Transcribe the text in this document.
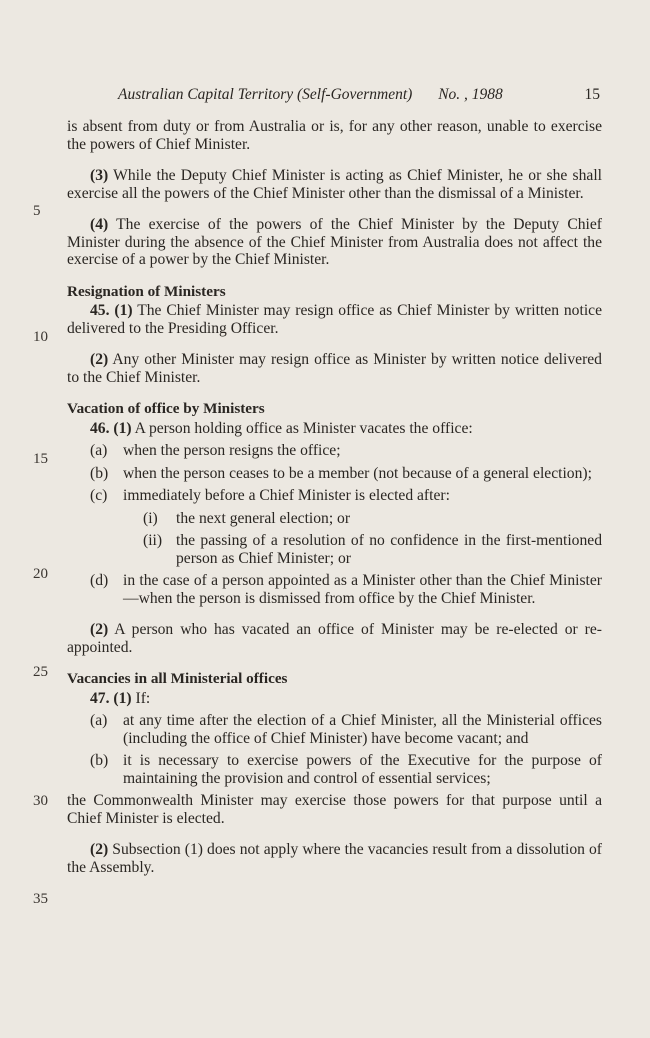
Australian Capital Territory (Self-Government) No. , 1988	15
5
10
15
20
25
30
35

is absent from duty or from Australia or is, for any other reason, unable to exercise the powers of Chief Minister.

(3) While the Deputy Chief Minister is acting as Chief Minister, he or she shall exercise all the powers of the Chief Minister other than the dismissal of a Minister.

(4) The exercise of the powers of the Chief Minister by the Deputy Chief Minister during the absence of the Chief Minister from Australia does not affect the exercise of a power by the Chief Minister.

Resignation of Ministers

45. (1) The Chief Minister may resign office as Chief Minister by written notice delivered to the Presiding Officer.

(2) Any other Minister may resign office as Minister by written notice delivered to the Chief Minister.

Vacation of office by Ministers

46. (1) A person holding office as Minister vacates the office:

(a)	when the person resigns the office;
(b) when the person ceases to be a member (not because of a general election);
(c)	immediately before a Chief Minister is elected after:
(i)	the next general election; or
(ii) the passing of a resolution of no confidence in the first-mentioned person as Chief Minister; or
(d) in the case of a person appointed as a Minister other than the Chief Minister—when the person is dismissed from office by the Chief Minister.

(2) A person who has vacated an office of Minister may be re-elected or re-appointed.

Vacancies in all Ministerial offices

47. (1) If:

(a)	at any time after the election of a Chief Minister, all the Ministerial offices (including the office of Chief Minister) have become vacant; and
(b) it is necessary to exercise powers of the Executive for the purpose of maintaining the provision and control of essential services;

the Commonwealth Minister may exercise those powers for that purpose until a Chief Minister is elected.

(2) Subsection (1) does not apply where the vacancies result from a dissolution of the Assembly.
